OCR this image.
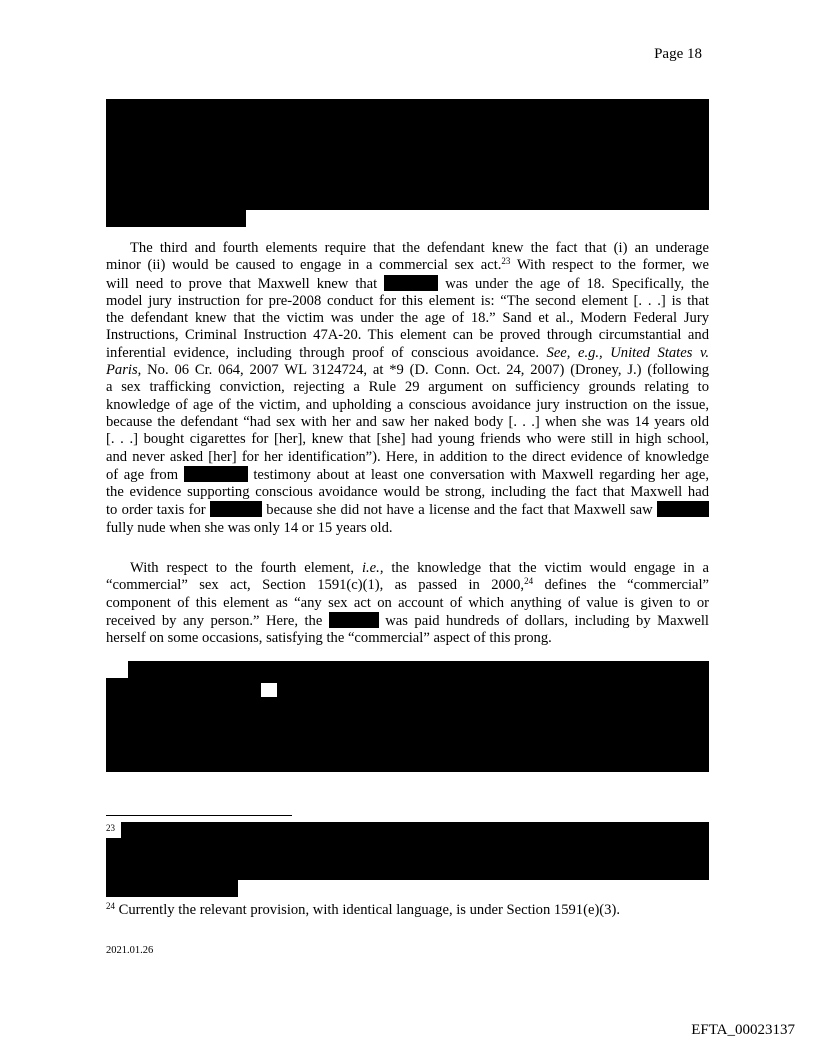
Page 18
The third and fourth elements require that the defendant knew the fact that (i) an underage
minor (ii) would be caused to engage in a commercial sex act.$^{23}$ With respect to the former, we
will need to prove that Maxwell knew that	was under the age of 18. Specifically, the
model jury instruction for pre-2008 conduct for this element is: “The second element [. . .] is that
the defendant knew that the victim was under the age of 18.” Sand et al., Modern Federal Jury
Instructions, Criminal Instruction 47A-20. This element can be proved through circumstantial and
inferential evidence, including through proof of conscious avoidance. See, e.g., United States v.
Paris, No. 06 Cr. 064, 2007 WL 3124724, at *9 (D. Conn. Oct. 24, 2007) (Droney, J.) (following
a sex trafficking conviction, rejecting a Rule 29 argument on sufficiency grounds relating to
knowledge of age of the victim, and upholding a conscious avoidance jury instruction on the issue,
because the defendant “had sex with her and saw her naked body [. . .] when she was 14 years old
[. . .] bought cigarettes for [her], knew that [she] had young friends who were still in high school,
and never asked [her] for her identification”). Here, in addition to the direct evidence of knowledge
of age from	testimony about at least one conversation with Maxwell regarding her age,
the evidence supporting conscious avoidance would be strong, including the fact that Maxwell had
to order taxis for	because she did not have a license and the fact that Maxwell saw
fully nude when she was only 14 or 15 years old.
With respect to the fourth element, i.e., the knowledge that the victim would engage in a
“commercial” sex act, Section 1591(c)(1), as passed in 2000,24 defines the “commercial”
component of this element as “any sex act on account of which anything of value is given to or
received by any person.” Here, the	was paid hundreds of dollars, including by Maxwell
herself on some occasions, satisfying the “commercial” aspect of this prong.
23
$^{24}$ Currently the relevant provision, with identical language, is under Section 1591(e)(3).
2021.01.26
EFTA_00023137
